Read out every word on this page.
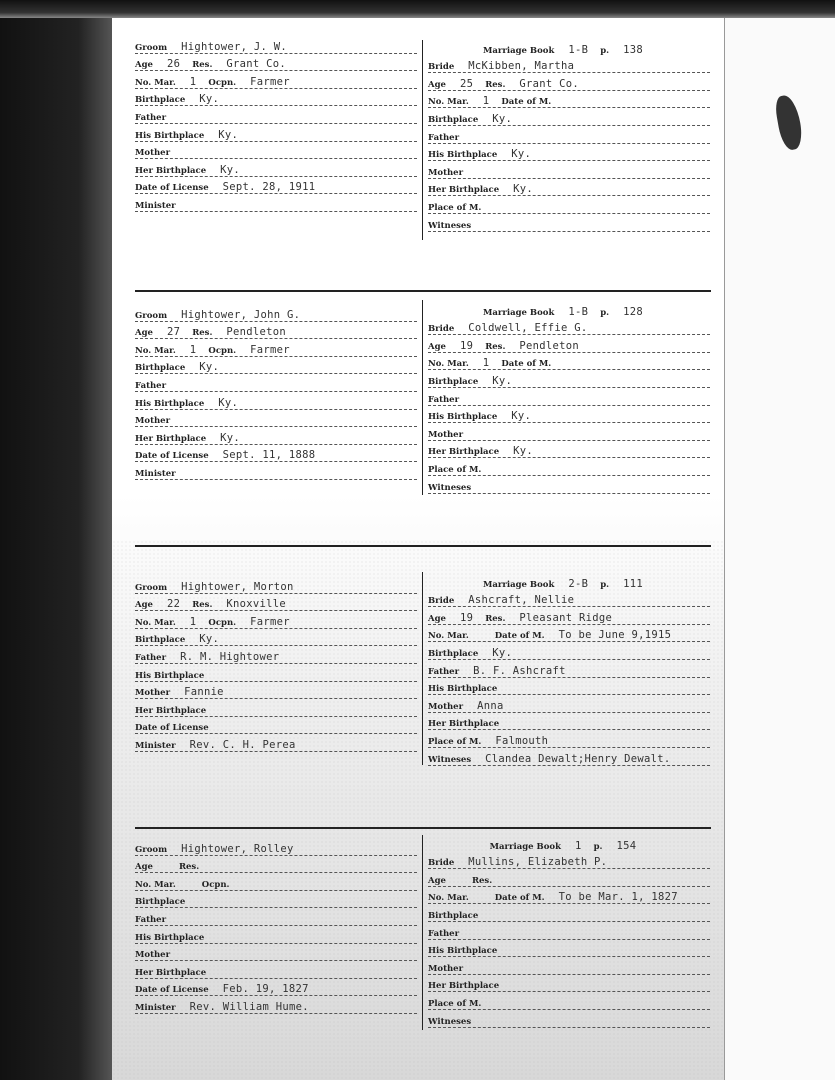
Groom Hightower, J. W.
Age 26 Res. Grant Co.
No. Mar. 1 Ocpn. Farmer
Birthplace Ky.
Father
His Birthplace Ky.
Mother
Her Birthplace Ky.
Date of License Sept. 28, 1911
Minister
Marriage Book 1-B p. 138
Bride McKibben, Martha
Age 25 Res. Grant Co.
No. Mar. 1 Date of M.
Birthplace Ky.
Father
His Birthplace Ky.
Mother
Her Birthplace Ky.
Place of M.
Witneses
Groom Hightower, John G.
Age 27 Res. Pendleton
No. Mar. 1 Ocpn. Farmer
Birthplace Ky.
Father
His Birthplace Ky.
Mother
Her Birthplace Ky.
Date of License Sept. 11, 1888
Minister
Marriage Book 1-B p. 128
Bride Coldwell, Effie G.
Age 19 Res. Pendleton
No. Mar. 1 Date of M.
Birthplace Ky.
Father
His Birthplace Ky.
Mother
Her Birthplace Ky.
Place of M.
Witneses
Groom Hightower, Morton
Age 22 Res. Knoxville
No. Mar. 1 Ocpn. Farmer
Birthplace Ky.
Father R. M. Hightower
His Birthplace
Mother Fannie
Her Birthplace
Date of License
Minister Rev. C. H. Perea
Marriage Book 2-B p. 111
Bride Ashcraft, Nellie
Age 19 Res. Pleasant Ridge
No. Mar.	Date of M. To be June 9,1915
Birthplace Ky.
Father B. F. Ashcraft
His Birthplace
Mother Anna
Her Birthplace
Place of M. Falmouth
Witneses Clandea Dewalt;Henry Dewalt.
Groom Hightower, Rolley
Age	Res.
No. Mar.	Ocpn.
Birthplace
Father
His Birthplace
Mother
Her Birthplace
Date of License Feb. 19, 1827
Minister Rev. William Hume.
Marriage Book 1 p. 154
Bride Mullins, Elizabeth P.
Age	Res.
No. Mar.	Date of M. To be Mar. 1, 1827
Birthplace
Father
His Birthplace
Mother
Her Birthplace
Place of M.
Witneses
